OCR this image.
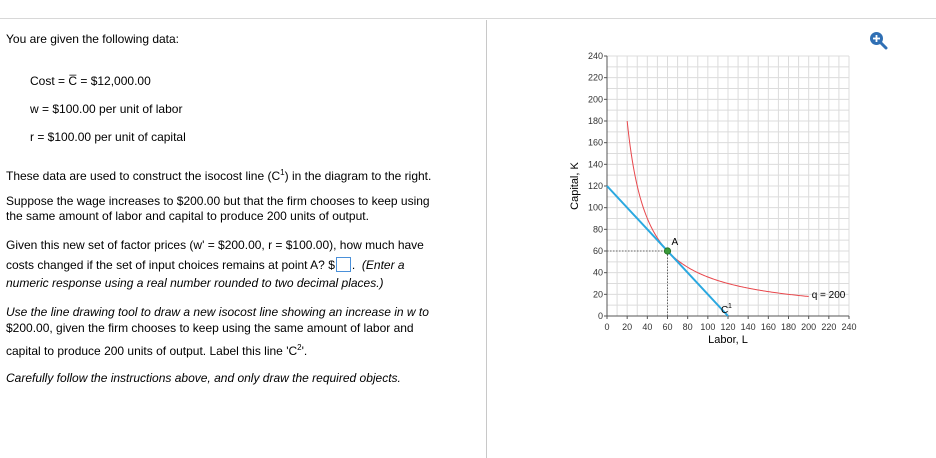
You are given the following data:
Cost = C̅ = $12,000.00
w = $100.00 per unit of labor
r = $100.00 per unit of capital
These data are used to construct the isocost line $(C^1)$ in the diagram to the right.
Suppose the wage increases to $200.00 but that the firm chooses to keep using
the same amount of labor and capital to produce 200 units of output.
Given this new set of factor prices (w' = $200.00, r = $100.00), how much have
costs changed if the set of input choices remains at point A? $ . (Enter a
numeric response using a real number rounded to two decimal places.)
Use the line drawing tool to draw a new isocost line showing an increase in w to
$200.00, given the firm chooses to keep using the same amount of labor and
capital to produce 200 units of output. Label this line '$C^2$'.
Carefully follow the instructions above, and only draw the required objects.
0 20 40 60 80 100 120 140 160 180 200 220 240
0
20
40
60
80
100
120
140
160
180
200
220
240
A
C 1
q = 200
Labor, L
Capital, K
